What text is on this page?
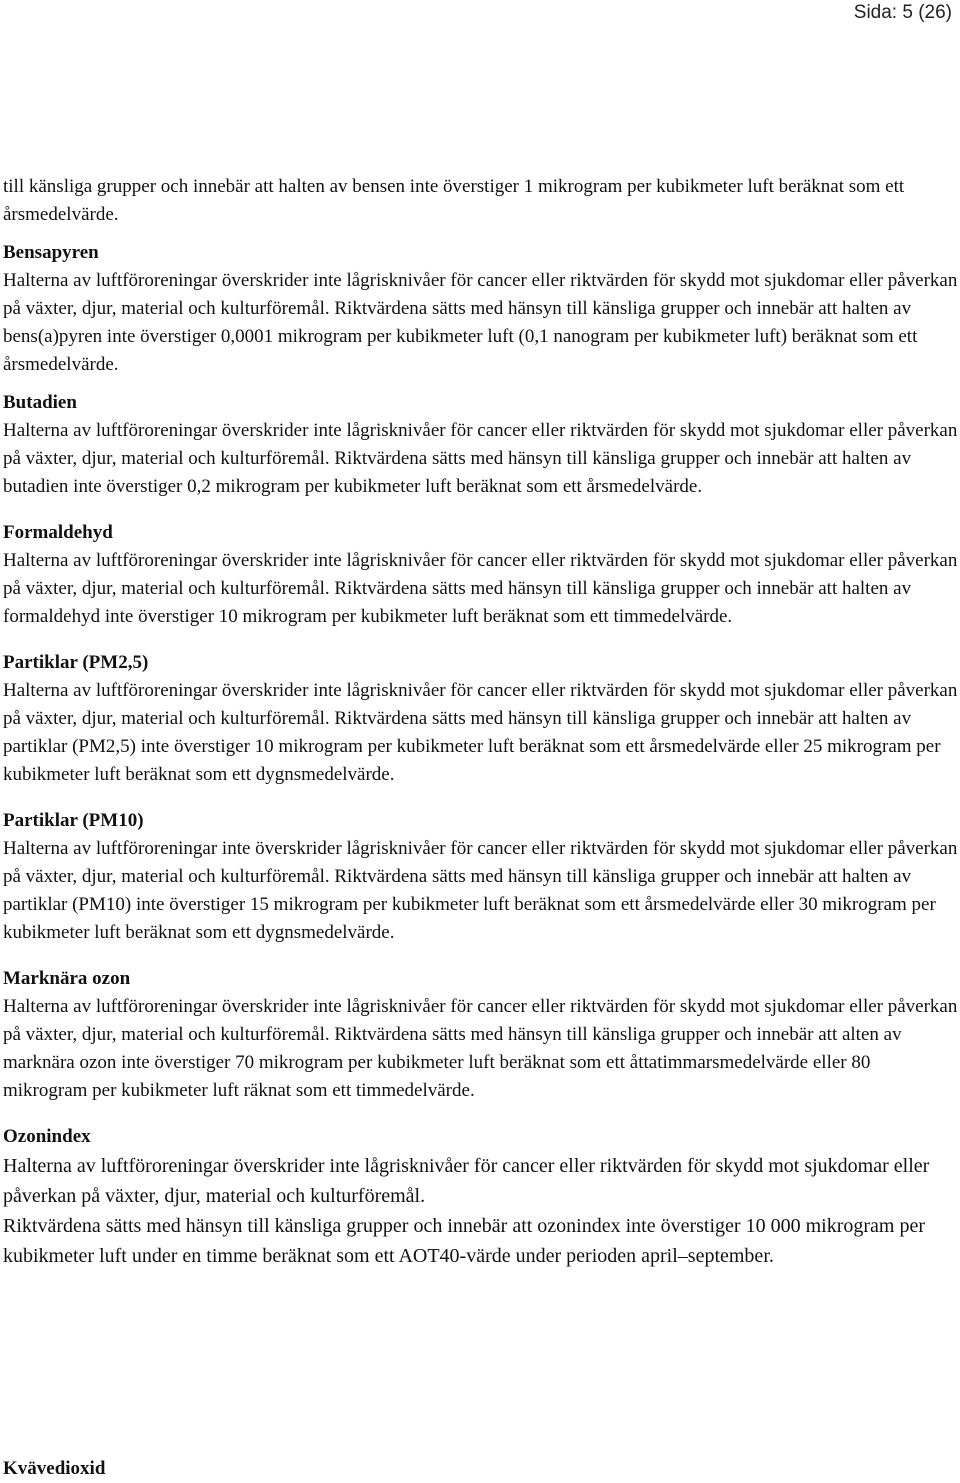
Sida: 5 (26)

till känsliga grupper och innebär att halten av bensen inte överstiger 1 mikrogram per kubikmeter luft beräknat som ett årsmedelvärde.

Bensapyren

Halterna av luftföroreningar överskrider inte lågrisknivåer för cancer eller riktvärden för skydd mot sjukdomar eller påverkan på växter, djur, material och kulturföremål. Riktvärdena sätts med hänsyn till känsliga grupper och innebär att halten av bens(a)pyren inte överstiger 0,0001 mikrogram per kubikmeter luft (0,1 nanogram per kubikmeter luft) beräknat som ett årsmedelvärde.

Butadien

Halterna av luftföroreningar överskrider inte lågrisknivåer för cancer eller riktvärden för skydd mot sjukdomar eller påverkan på växter, djur, material och kulturföremål. Riktvärdena sätts med hänsyn till känsliga grupper och innebär att halten av butadien inte överstiger 0,2 mikrogram per kubikmeter luft beräknat som ett årsmedelvärde.

Formaldehyd

Halterna av luftföroreningar överskrider inte lågrisknivåer för cancer eller riktvärden för skydd mot sjukdomar eller påverkan på växter, djur, material och kulturföremål. Riktvärdena sätts med hänsyn till känsliga grupper och innebär att halten av formaldehyd inte överstiger 10 mikrogram per kubikmeter luft beräknat som ett timmedelvärde.

Partiklar (PM2,5)

Halterna av luftföroreningar överskrider inte lågrisknivåer för cancer eller riktvärden för skydd mot sjukdomar eller påverkan på växter, djur, material och kulturföremål. Riktvärdena sätts med hänsyn till känsliga grupper och innebär att halten av partiklar (PM2,5) inte överstiger 10 mikrogram per kubikmeter luft beräknat som ett årsmedelvärde eller 25 mikrogram per kubikmeter luft beräknat som ett dygnsmedelvärde.

Partiklar (PM10)

Halterna av luftföroreningar inte överskrider lågrisknivåer för cancer eller riktvärden för skydd mot sjukdomar eller påverkan på växter, djur, material och kulturföremål. Riktvärdena sätts med hänsyn till känsliga grupper och innebär att halten av partiklar (PM10) inte överstiger 15 mikrogram per kubikmeter luft beräknat som ett årsmedelvärde eller 30 mikrogram per kubikmeter luft beräknat som ett dygnsmedelvärde.

Marknära ozon

Halterna av luftföroreningar överskrider inte lågrisknivåer för cancer eller riktvärden för skydd mot sjukdomar eller påverkan på växter, djur, material och kulturföremål. Riktvärdena sätts med hänsyn till känsliga grupper och innebär att alten av marknära ozon inte överstiger 70 mikrogram per kubikmeter luft beräknat som ett åttatimmarsmedelvärde eller 80 mikrogram per kubikmeter luft räknat som ett timmedelvärde.

Ozonindex

Halterna av luftföroreningar överskrider inte lågrisknivåer för cancer eller riktvärden för skydd mot sjukdomar eller påverkan på växter, djur, material och kulturföremål.

Riktvärdena sätts med hänsyn till känsliga grupper och innebär att ozonindex inte överstiger 10 000 mikrogram per kubikmeter luft under en timme beräknat som ett AOT40-värde under perioden april–september.

Kvävedioxid
